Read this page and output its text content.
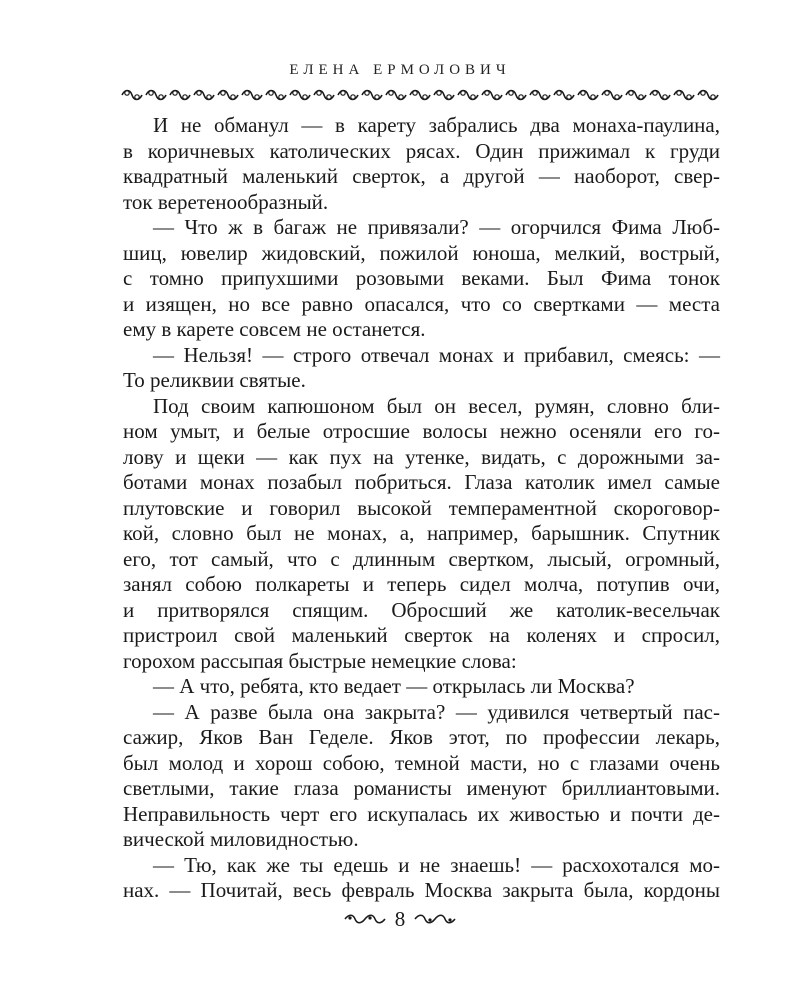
ЕЛЕНА ЕРМОЛОВИЧ
И не обманул — в карету забрались два монаха-паулина,
в коричневых католических рясах. Один прижимал к груди
квадратный маленький сверток, а другой — наоборот, свер-
ток веретенообразный.
— Что ж в багаж не привязали? — огорчился Фима Люб-
шиц, ювелир жидовский, пожилой юноша, мелкий, вострый,
с томно припухшими розовыми веками. Был Фима тонок
и изящен, но все равно опасался, что со свертками — места
ему в карете совсем не останется.
— Нельзя! — строго отвечал монах и прибавил, смеясь: —
То реликвии святые.
Под своим капюшоном был он весел, румян, словно бли-
ном умыт, и белые отросшие волосы нежно осеняли его го-
лову и щеки — как пух на утенке, видать, с дорожными за-
ботами монах позабыл побриться. Глаза католик имел самые
плутовские и говорил высокой темпераментной скороговор-
кой, словно был не монах, а, например, барышник. Спутник
его, тот самый, что с длинным свертком, лысый, огромный,
занял собою полкареты и теперь сидел молча, потупив очи,
и притворялся спящим. Обросший же католик-весельчак
пристроил свой маленький сверток на коленях и спросил,
горохом рассыпая быстрые немецкие слова:
— А что, ребята, кто ведает — открылась ли Москва?
— А разве была она закрыта? — удивился четвертый пас-
сажир, Яков Ван Геделе. Яков этот, по профессии лекарь,
был молод и хорош собою, темной масти, но с глазами очень
светлыми, такие глаза романисты именуют бриллиантовыми.
Неправильность черт его искупалась их живостью и почти де-
вической миловидностью.
— Тю, как же ты едешь и не знаешь! — расхохотался мо-
нах. — Почитай, весь февраль Москва закрыта была, кордоны
8
